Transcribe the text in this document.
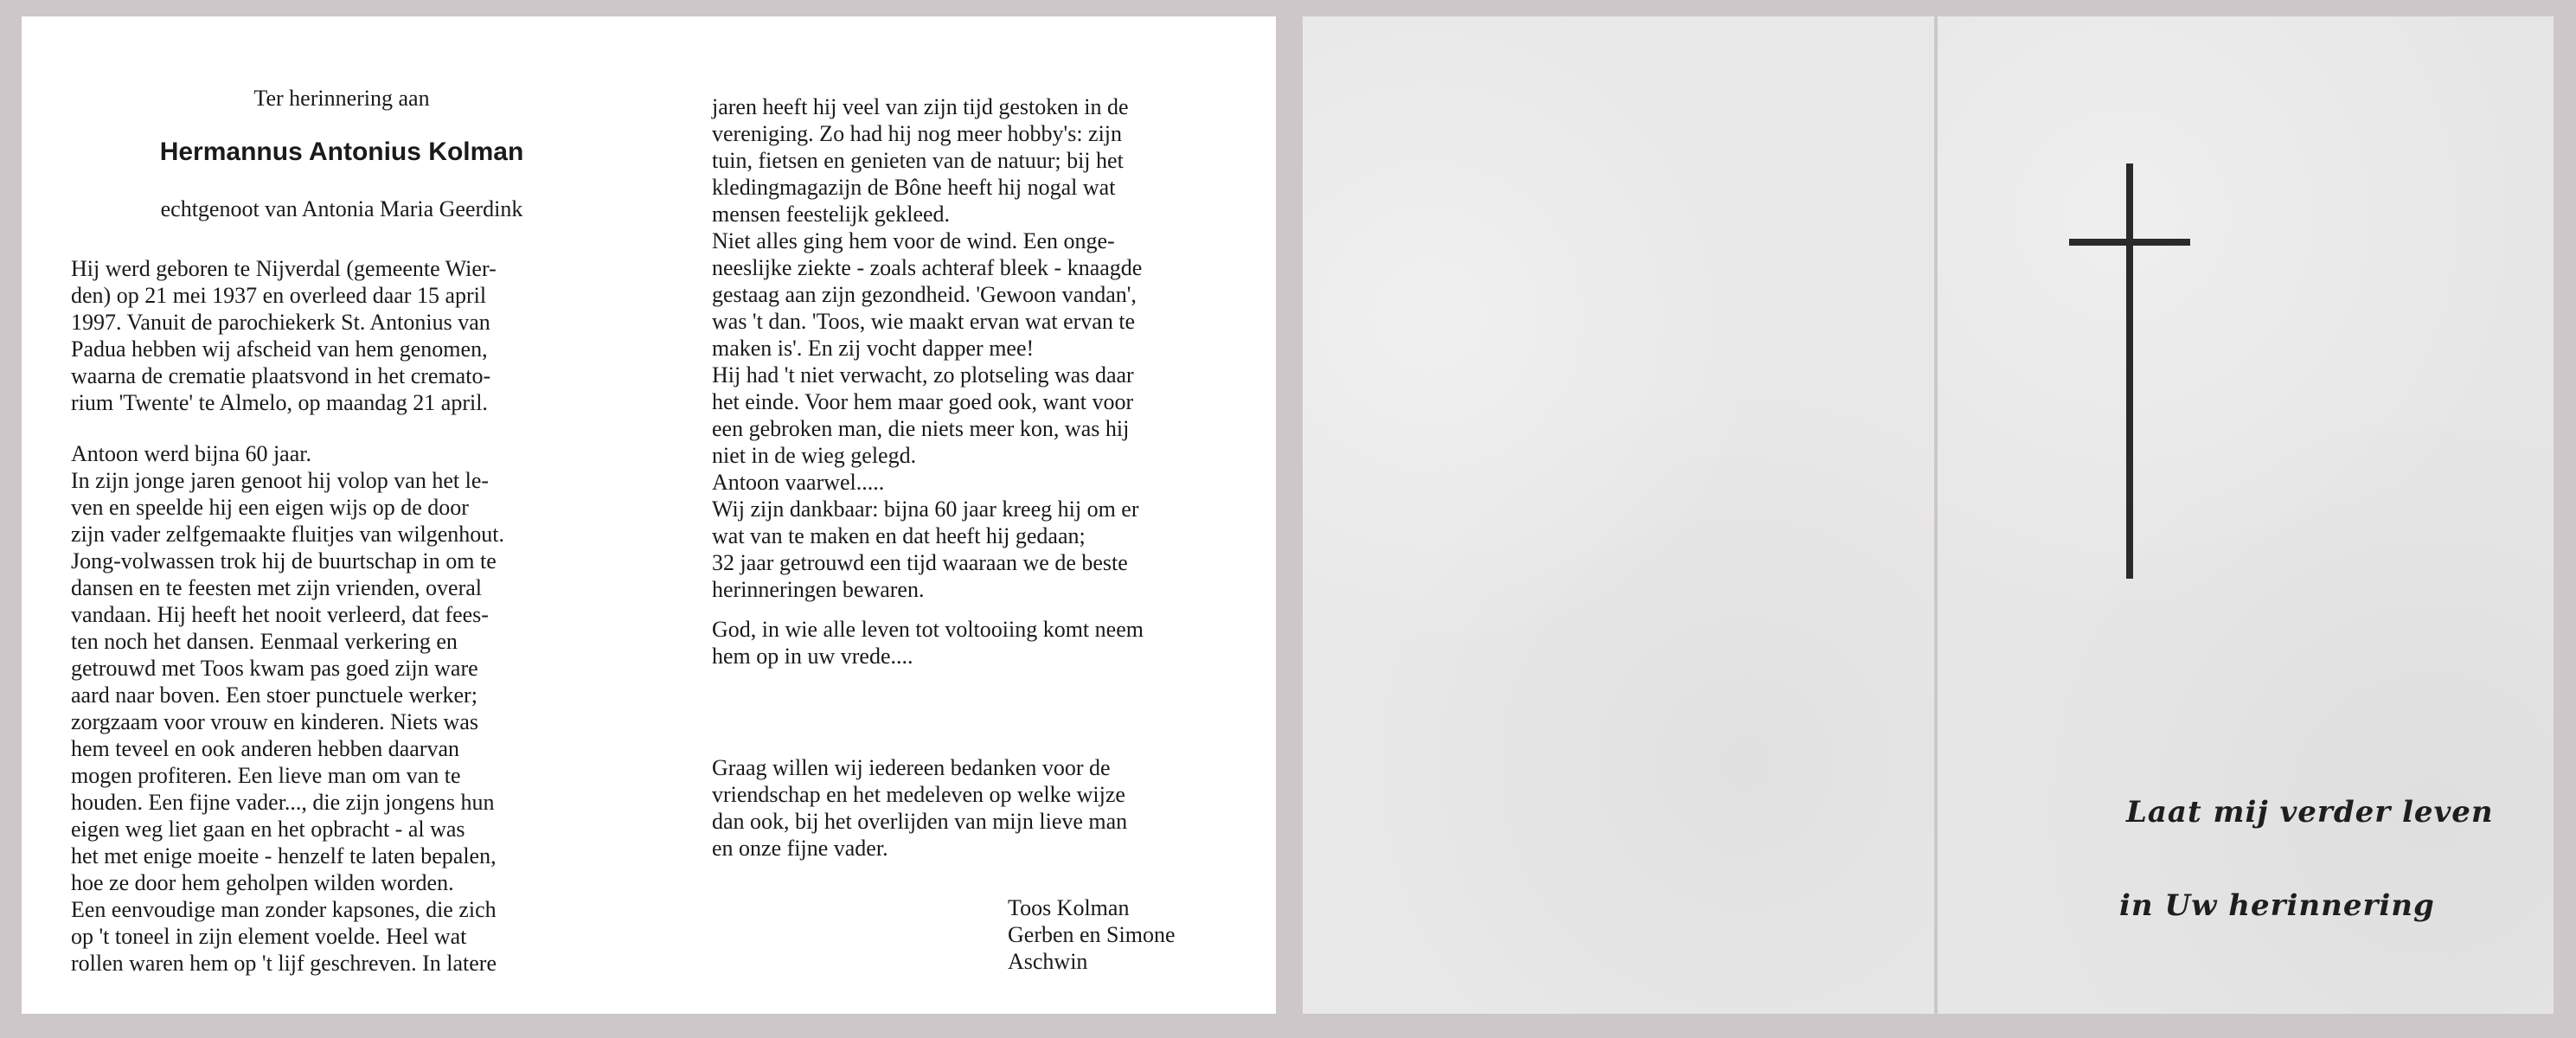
Ter herinnering aan
Hermannus Antonius Kolman
echtgenoot van Antonia Maria Geerdink
Hij werd geboren te Nijverdal (gemeente Wier-
den) op 21 mei 1937 en overleed daar 15 april
1997. Vanuit de parochiekerk St. Antonius van
Padua hebben wij afscheid van hem genomen,
waarna de crematie plaatsvond in het cremato-
rium 'Twente' te Almelo, op maandag 21 april.
Antoon werd bijna 60 jaar.
In zijn jonge jaren genoot hij volop van het le-
ven en speelde hij een eigen wijs op de door
zijn vader zelfgemaakte fluitjes van wilgenhout.
Jong-volwassen trok hij de buurtschap in om te
dansen en te feesten met zijn vrienden, overal
vandaan. Hij heeft het nooit verleerd, dat fees-
ten noch het dansen. Eenmaal verkering en
getrouwd met Toos kwam pas goed zijn ware
aard naar boven. Een stoer punctuele werker;
zorgzaam voor vrouw en kinderen. Niets was
hem teveel en ook anderen hebben daarvan
mogen profiteren. Een lieve man om van te
houden. Een fijne vader..., die zijn jongens hun
eigen weg liet gaan en het opbracht - al was
het met enige moeite - henzelf te laten bepalen,
hoe ze door hem geholpen wilden worden.
Een eenvoudige man zonder kapsones, die zich
op 't toneel in zijn element voelde. Heel wat
rollen waren hem op 't lijf geschreven. In latere
jaren heeft hij veel van zijn tijd gestoken in de
vereniging. Zo had hij nog meer hobby's: zijn
tuin, fietsen en genieten van de natuur; bij het
kledingmagazijn de Bône heeft hij nogal wat
mensen feestelijk gekleed.
Niet alles ging hem voor de wind. Een onge-
neeslijke ziekte - zoals achteraf bleek - knaagde
gestaag aan zijn gezondheid. 'Gewoon vandan',
was 't dan. 'Toos, wie maakt ervan wat ervan te
maken is'. En zij vocht dapper mee!
Hij had 't niet verwacht, zo plotseling was daar
het einde. Voor hem maar goed ook, want voor
een gebroken man, die niets meer kon, was hij
niet in de wieg gelegd.
Antoon vaarwel.....
Wij zijn dankbaar: bijna 60 jaar kreeg hij om er
wat van te maken en dat heeft hij gedaan;
32 jaar getrouwd een tijd waaraan we de beste
herinneringen bewaren.
God, in wie alle leven tot voltooiing komt neem
hem op in uw vrede....
Graag willen wij iedereen bedanken voor de
vriendschap en het medeleven op welke wijze
dan ook, bij het overlijden van mijn lieve man
en onze fijne vader.
Toos Kolman
Gerben en Simone
Aschwin
Laat mij verder leven
in Uw herinnering
